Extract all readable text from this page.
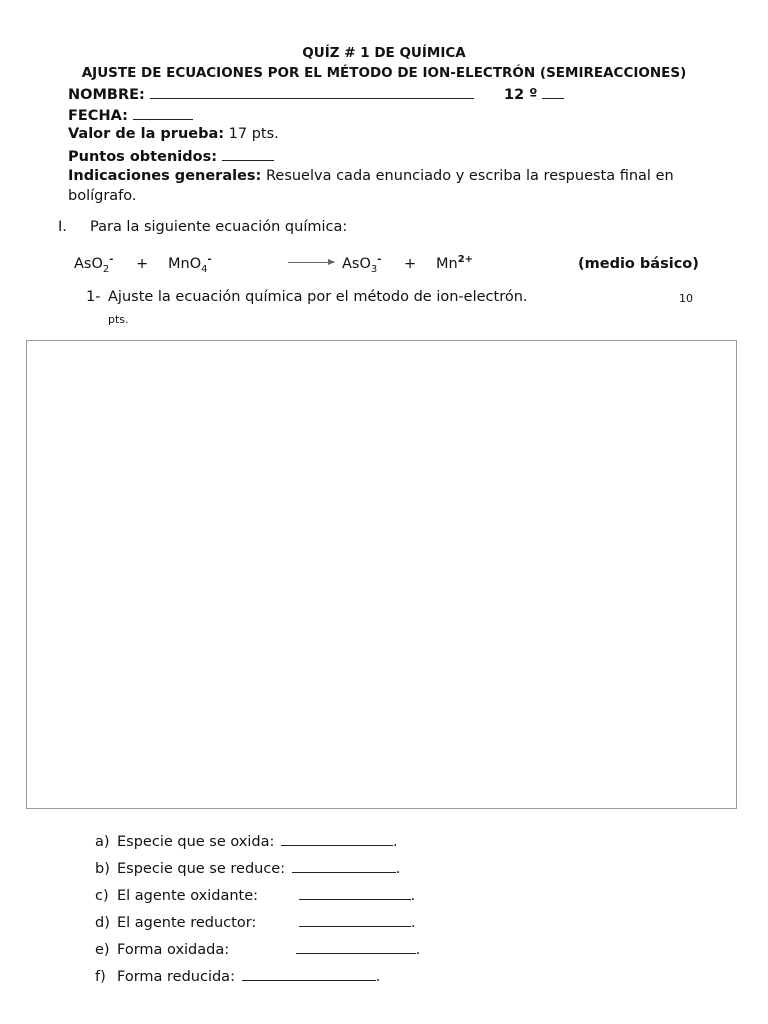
QUÍZ # 1 DE QUÍMICA
AJUSTE DE ECUACIONES POR EL MÉTODO DE ION-ELECTRÓN (SEMIREACCIONES)
NOMBRE:	12 º
FECHA:
Valor de la prueba: 17 pts.
Puntos obtenidos:
Indicaciones generales: Resuelva cada enunciado y escriba la respuesta final en
bolígrafo.
I. Para la siguiente ecuación química:
AsO$_2$- + MnO$_4$-	→ $AsO_3^- + Mn^{2+}$	(medio básico)
1- Ajuste la ecuación química por el método de ion-electrón.	10
pts.
a) Especie que se oxida:	.
b) Especie que se reduce:	.
c) El agente oxidante:	.
d) El agente reductor:	.
e) Forma oxidada:	.
f) Forma reducida:	.
